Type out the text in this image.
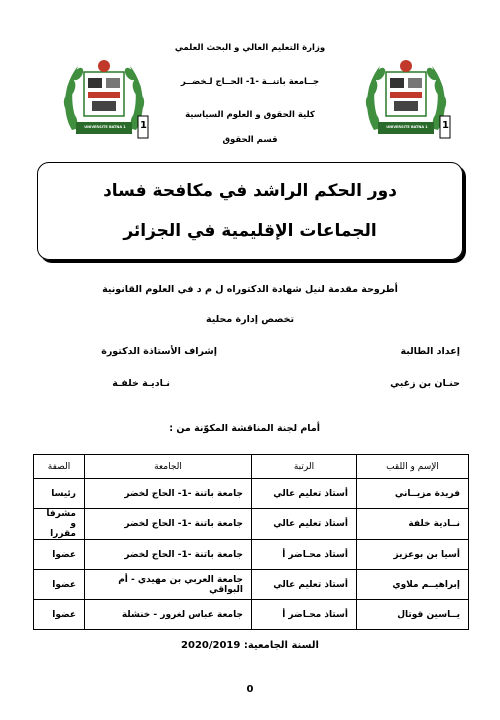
UNIVERSITE BATNA 1	1	UNIVERSITE BATNA 1	1
وزارة التعليم العالي و البحث العلمي
جــامعة باتنــة -1- الحــاج لـخضــر
كلية الحقوق و العلوم السياسية
قسم الحقوق
دور الحكم الراشد في مكافحة فساد
الجماعات الإقليمية في الجزائر
أطروحة مقدمة لنيل شهادة الدكتوراه ل م د في العلوم القانونية
تخصص إدارة محلية
إعداد الطالبة
حنـان بن زغبي
إشراف الأستاذة الدكتورة
نـاديـة خلفـة
أمام لجنة المناقشة المكوّنة من :
الإسم و اللقب	الرتبة	الجامعة	الصفة
فريدة مزيــاني	أستاذ تعليم عالي	جامعة باتنة -1- الحاج لخضر	رئيسا
نــادية خلفة	أستاذ تعليم عالي	جامعة باتنة -1- الحاج لخضر	مشرفا و مقررا
أسيا بن بوعزيز	أستاذ محـاضر أ	جامعة باتنة -1- الحاج لخضر	عضوا
إبراهيــم ملاوي	أستاذ تعليم عالي	جامعة العربي بن مهيدي - أم البواقي	عضوا
يــاسين قوتال	أستاذ محـاضر أ	جامعة عباس لغرور - خنشلة	عضوا
السنة الجامعية: 2020/2019
0
